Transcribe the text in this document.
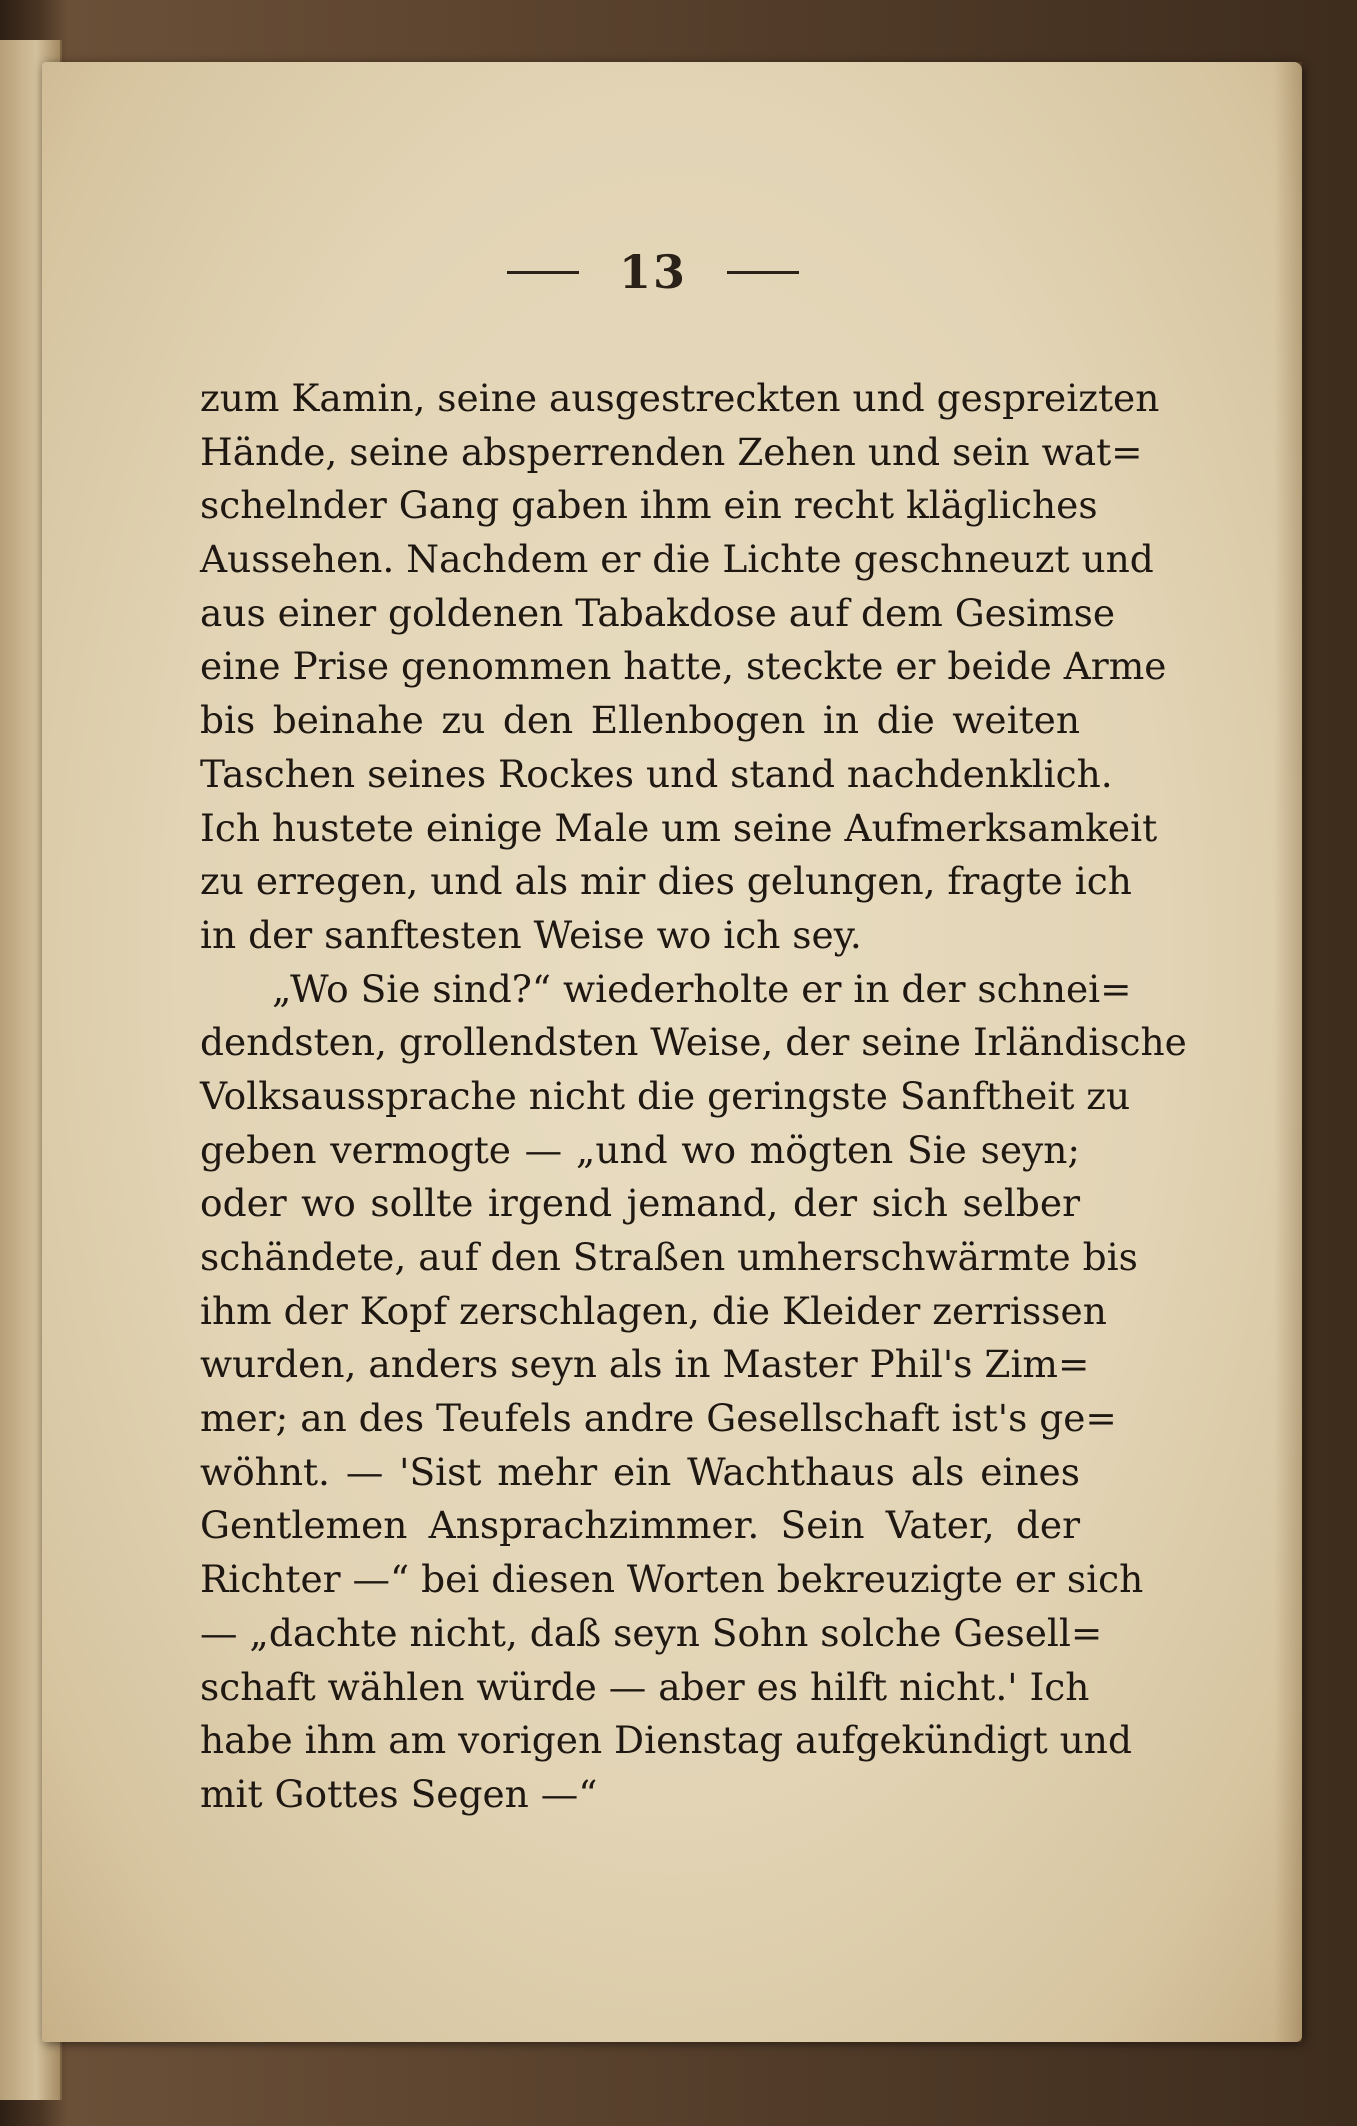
13
zum Kamin, seine ausgestreckten und gespreizten
Hände, seine absperrenden Zehen und sein wat=
schelnder Gang gaben ihm ein recht klägliches
Aussehen. Nachdem er die Lichte geschneuzt und
aus einer goldenen Tabakdose auf dem Gesimse
eine Prise genommen hatte, steckte er beide Arme
bis beinahe zu den Ellenbogen in die weiten
Taschen seines Rockes und stand nachdenklich.
Ich hustete einige Male um seine Aufmerksamkeit
zu erregen, und als mir dies gelungen, fragte ich
in der sanftesten Weise wo ich sey.
„Wo Sie sind?“ wiederholte er in der schnei=
dendsten, grollendsten Weise, der seine Irländische
Volksaussprache nicht die geringste Sanftheit zu
geben vermogte — „und wo mögten Sie seyn;
oder wo sollte irgend jemand, der sich selber
schändete, auf den Straßen umherschwärmte bis
ihm der Kopf zerschlagen, die Kleider zerrissen
wurden, anders seyn als in Master Phil's Zim=
mer; an des Teufels andre Gesellschaft ist's ge=
wöhnt. — 'Sist mehr ein Wachthaus als eines
Gentlemen Ansprachzimmer. Sein Vater, der
Richter —“ bei diesen Worten bekreuzigte er sich
— „dachte nicht, daß seyn Sohn solche Gesell=
schaft wählen würde — aber es hilft nicht.' Ich
habe ihm am vorigen Dienstag aufgekündigt und
mit Gottes Segen —“
